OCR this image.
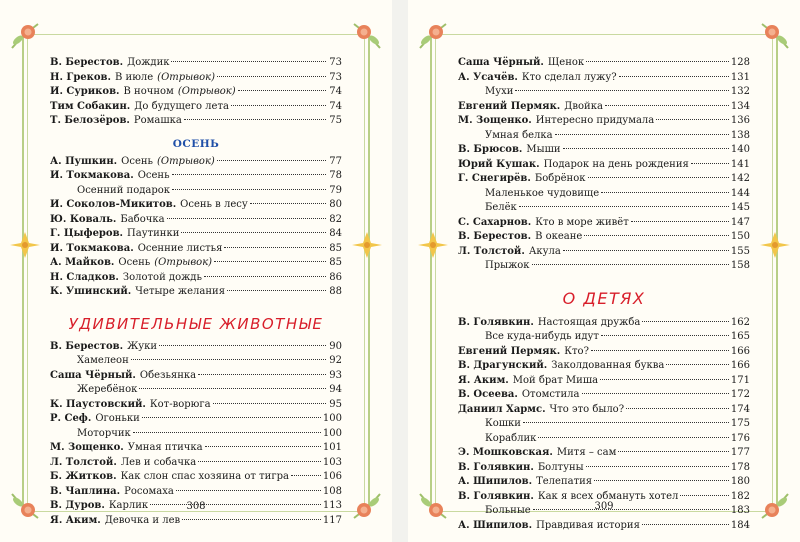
В. Берестов. Дождик	73
Н. Греков. В июле (Отрывок)	73
И. Суриков. В ночном (Отрывок)	74
Тим Собакин. До будущего лета	74
Т. Белозёров. Ромашка	75
ОСЕНЬ
А. Пушкин. Осень (Отрывок)	77
И. Токмакова. Осень	78
Осенний подарок	79
И. Соколов-Микитов. Осень в лесу	80
Ю. Коваль. Бабочка	82
Г. Цыферов. Паутинки	84
И. Токмакова. Осенние листья	85
А. Майков. Осень (Отрывок)	85
Н. Сладков. Золотой дождь	86
К. Ушинский. Четыре желания	88
УДИВИТЕЛЬНЫЕ ЖИВОТНЫЕ
В. Берестов. Жуки	90
Хамелеон	92
Саша Чёрный. Обезьянка	93
Жеребёнок	94
К. Паустовский. Кот-ворюга	95
Р. Сеф. Огоньки	100
Моторчик	100
М. Зощенко. Умная птичка	101
Л. Толстой. Лев и собачка	103
Б. Житков. Как слон спас хозяина от тигра	106
В. Чаплина. Росомаха	108
В. Дуров. Карлик	113
Я. Аким. Девочка и лев	117
308
Саша Чёрный. Щенок	128
А. Усачёв. Кто сделал лужу?	131
Мухи	132
Евгений Пермяк. Двойка	134
М. Зощенко. Интересно придумала	136
Умная белка	138
В. Брюсов. Мыши	140
Юрий Кушак. Подарок на день рождения	141
Г. Снегирёв. Бобрёнок	142
Маленькое чудовище	144
Белёк	145
С. Сахарнов. Кто в море живёт	147
В. Берестов. В океане	150
Л. Толстой. Акула	155
Прыжок	158
О ДЕТЯХ
В. Голявкин. Настоящая дружба	162
Все куда-нибудь идут	165
Евгений Пермяк. Кто?	166
В. Драгунский. Заколдованная буква	166
Я. Аким. Мой брат Миша	171
В. Осеева. Отомстила	172
Даниил Хармс. Что это было?	174
Кошки	175
Кораблик	176
Э. Мошковская. Митя – сам	177
В. Голявкин. Болтуны	178
А. Шипилов. Телепатия	180
В. Голявкин. Как я всех обмануть хотел	182
Больные	183
А. Шипилов. Правдивая история	184
309
